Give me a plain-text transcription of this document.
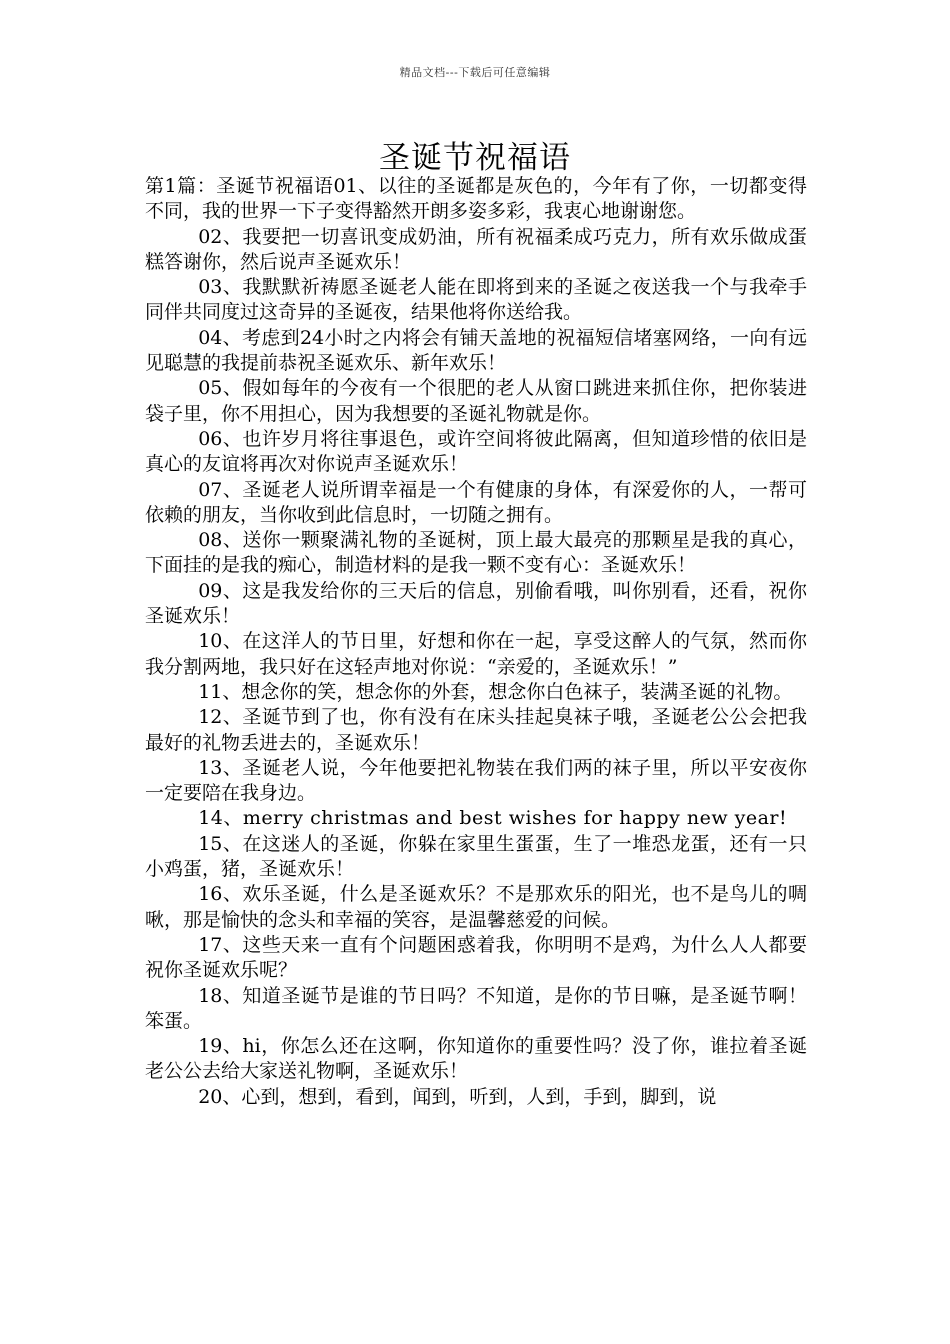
精品文档---下载后可任意编辑
圣诞节祝福语

第1篇：圣诞节祝福语01、以往的圣诞都是灰色的，今年有了你，一切都变得不同，我的世界一下子变得豁然开朗多姿多彩，我衷心地谢谢您。

02、我要把一切喜讯变成奶油，所有祝福柔成巧克力，所有欢乐做成蛋糕答谢你，然后说声圣诞欢乐！

03、我默默祈祷愿圣诞老人能在即将到来的圣诞之夜送我一个与我牵手同伴共同度过这奇异的圣诞夜，结果他将你送给我。

04、考虑到24小时之内将会有铺天盖地的祝福短信堵塞网络，一向有远见聪慧的我提前恭祝圣诞欢乐、新年欢乐！

05、假如每年的今夜有一个很肥的老人从窗口跳进来抓住你，把你装进袋子里，你不用担心，因为我想要的圣诞礼物就是你。

06、也许岁月将往事退色，或许空间将彼此隔离，但知道珍惜的依旧是真心的友谊将再次对你说声圣诞欢乐！

07、圣诞老人说所谓幸福是一个有健康的身体，有深爱你的人，一帮可依赖的朋友，当你收到此信息时，一切随之拥有。

08、送你一颗聚满礼物的圣诞树，顶上最大最亮的那颗星是我的真心，下面挂的是我的痴心，制造材料的是我一颗不变有心：圣诞欢乐！

09、这是我发给你的三天后的信息，别偷看哦，叫你别看，还看，祝你圣诞欢乐！

10、在这洋人的节日里，好想和你在一起，享受这醉人的气氛，然而你我分割两地，我只好在这轻声地对你说：“亲爱的，圣诞欢乐！”

11、想念你的笑，想念你的外套，想念你白色袜子，装满圣诞的礼物。

12、圣诞节到了也，你有没有在床头挂起臭袜子哦，圣诞老公公会把我最好的礼物丢进去的，圣诞欢乐！

13、圣诞老人说，今年他要把礼物装在我们两的袜子里，所以平安夜你一定要陪在我身边。

14、merry christmas and best wishes for happy new year!

15、在这迷人的圣诞，你躲在家里生蛋蛋，生了一堆恐龙蛋，还有一只小鸡蛋，猪，圣诞欢乐！

16、欢乐圣诞，什么是圣诞欢乐？不是那欢乐的阳光，也不是鸟儿的啁啾，那是愉快的念头和幸福的笑容，是温馨慈爱的问候。

17、这些天来一直有个问题困惑着我，你明明不是鸡，为什么人人都要祝你圣诞欢乐呢？

18、知道圣诞节是谁的节日吗？不知道，是你的节日嘛，是圣诞节啊！笨蛋。

19、hi，你怎么还在这啊，你知道你的重要性吗？没了你，谁拉着圣诞老公公去给大家送礼物啊，圣诞欢乐！

20、心到，想到，看到，闻到，听到，人到，手到，脚到，说
